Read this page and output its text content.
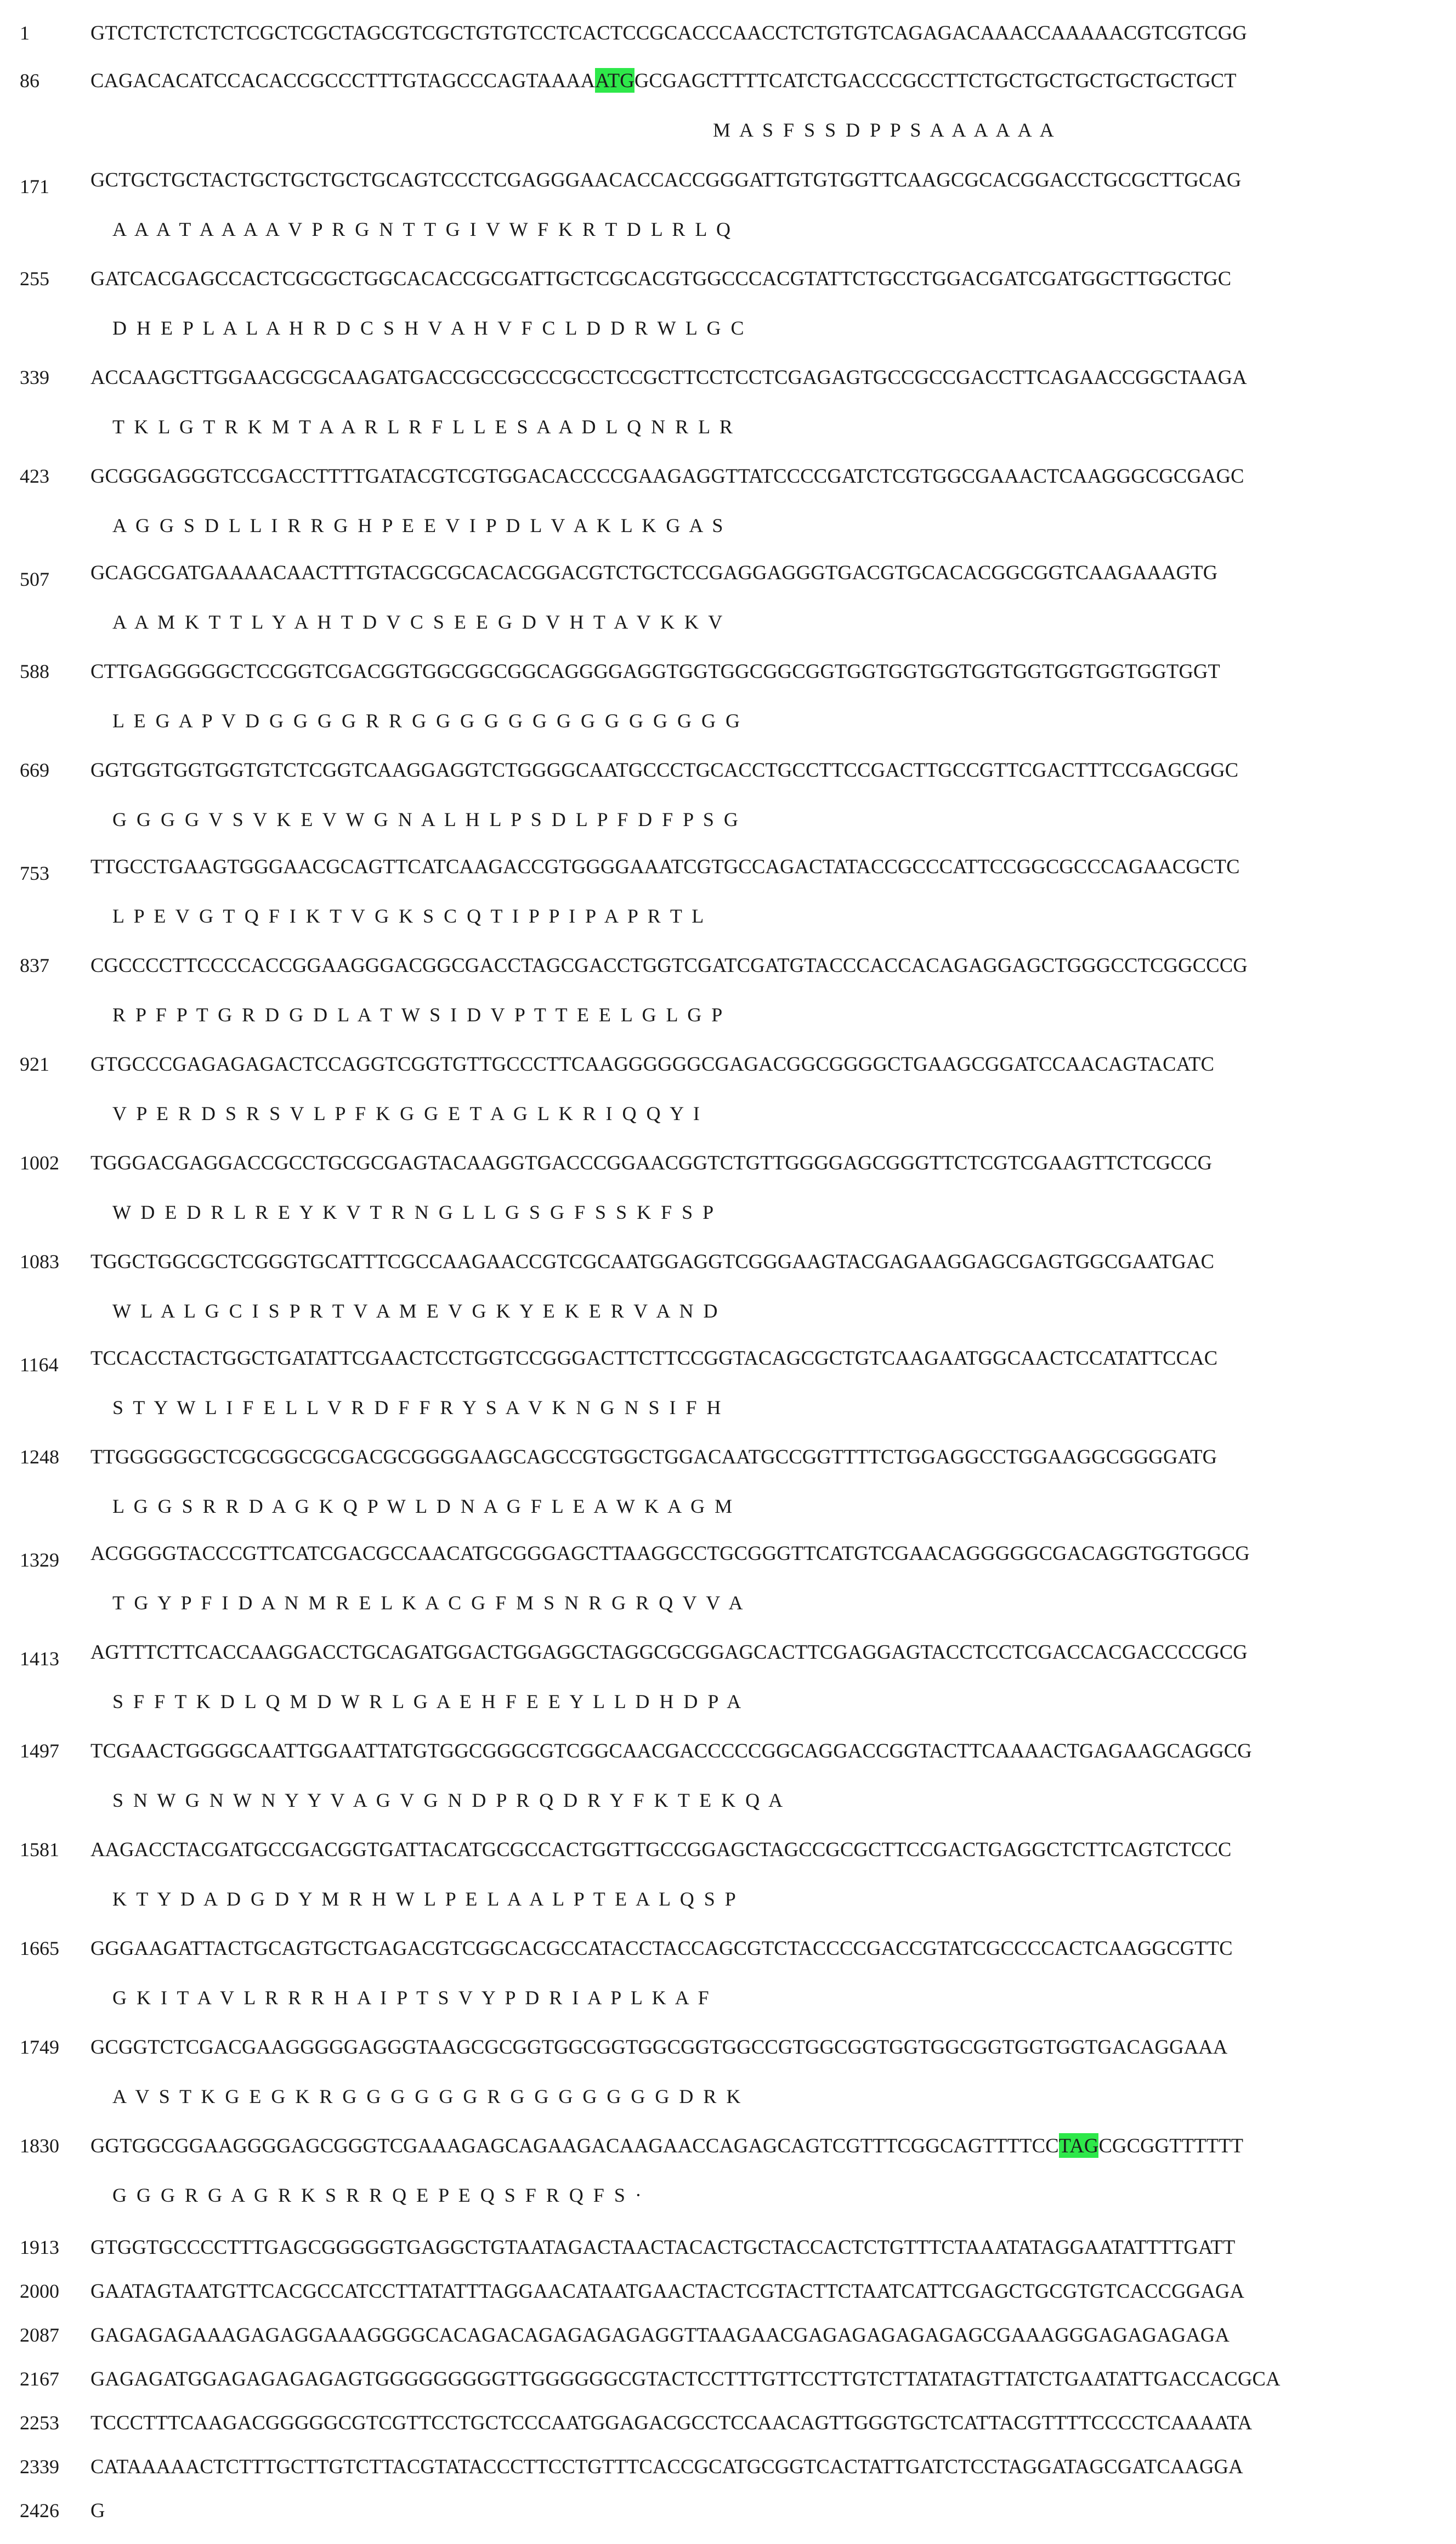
1	GTCTCTCTCTCTCGCTCGCTAGCGTCGCTGTGTCCTCACTCCGCACCCAACCTCTGTGTCAGAGACAAACCAAAAACGTCGTCGG
86	CAGACACATCCACACCGCCCTTTGTAGCCCAGTAAAAATGGCGAGCTTTTCATCTGACCCGCCTTCTGCTGCTGCTGCTGCTGCT
M  A  S  F  S  S  D  P  P  S  A  A  A  A  A  A
171 GCTGCTGCTACTGCTGCTGCTGCAGTCCCTCGAGGGAACACCACCGGGATTGTGTGGTTCAAGCGCACGGACCTGCGCTTGCAG
A  A  A  T  A  A  A  A  V  P  R  G  N  T  T  G  I  V  W  F  K  R  T  D  L  R  L  Q
255 GATCACGAGCCACTCGCGCTGGCACACCGCGATTGCTCGCACGTGGCCCACGTATTCTGCCTGGACGATCGATGGCTTGGCTGC
D  H  E  P  L  A  L  A  H  R  D  C  S  H  V  A  H  V  F  C  L  D  D  R  W  L  G  C
339 ACCAAGCTTGGAACGCGCAAGATGACCGCCGCCCGCCTCCGCTTCCTCCTCGAGAGTGCCGCCGACCTTCAGAACCGGCTAAGA
T  K  L  G  T  R  K  M  T  A  A  R  L  R  F  L  L  E  S  A  A  D  L  Q  N  R  L  R
423 GCGGGAGGGTCCGACCTTTTGATACGTCGTGGACACCCCGAAGAGGTTATCCCCGATCTCGTGGCGAAACTCAAGGGCGCGAGC
A  G  G  S  D  L  L  I  R  R  G  H  P  E  E  V  I  P  D  L  V  A  K  L  K  G  A  S
507 GCAGCGATGAAAACAACTTTGTACGCGCACACGGACGTCTGCTCCGAGGAGGGTGACGTGCACACGGCGGTCAAGAAAGTG
A  A  M  K  T  T  L  Y  A  H  T  D  V  C  S  E  E  G  D  V  H  T  A  V  K  K  V
588 CTTGAGGGGGCTCCGGTCGACGGTGGCGGCGGCAGGGGAGGTGGTGGCGGCGGTGGTGGTGGTGGTGGTGGTGGTGGTGGT
L  E  G  A  P  V  D  G  G  G  G  R  R  G  G  G  G  G  G  G  G  G  G  G  G  G  G
669 GGTGGTGGTGGTGTCTCGGTCAAGGAGGTCTGGGGCAATGCCCTGCACCTGCCTTCCGACTTGCCGTTCGACTTTCCGAGCGGC
G  G  G  G  V  S  V  K  E  V  W  G  N  A  L  H  L  P  S  D  L  P  F  D  F  P  S  G
753 TTGCCTGAAGTGGGAACGCAGTTCATCAAGACCGTGGGGAAATCGTGCCAGACTATACCGCCCATTCCGGCGCCCAGAACGCTC
L  P  E  V  G  T  Q  F  I  K  T  V  G  K  S  C  Q  T  I  P  P  I  P  A  P  R  T  L
837 CGCCCCTTCCCCACCGGAAGGGACGGCGACCTAGCGACCTGGTCGATCGATGTACCCACCACAGAGGAGCTGGGCCTCGGCCCG
R  P  F  P  T  G  R  D  G  D  L  A  T  W  S  I  D  V  P  T  T  E  E  L  G  L  G  P
921 GTGCCCGAGAGAGACTCCAGGTCGGTGTTGCCCTTCAAGGGGGGCGAGACGGCGGGGCTGAAGCGGATCCAACAGTACATC
V  P  E  R  D  S  R  S  V  L  P  F  K  G  G  E  T  A  G  L  K  R  I  Q  Q  Y  I
1002 TGGGACGAGGACCGCCTGCGCGAGTACAAGGTGACCCGGAACGGTCTGTTGGGGAGCGGGTTCTCGTCGAAGTTCTCGCCG
W  D  E  D  R  L  R  E  Y  K  V  T  R  N  G  L  L  G  S  G  F  S  S  K  F  S  P
1083 TGGCTGGCGCTCGGGTGCATTTCGCCAAGAACCGTCGCAATGGAGGTCGGGAAGTACGAGAAGGAGCGAGTGGCGAATGAC
W  L  A  L  G  C  I  S  P  R  T  V  A  M  E  V  G  K  Y  E  K  E  R  V  A  N  D
1164 TCCACCTACTGGCTGATATTCGAACTCCTGGTCCGGGACTTCTTCCGGTACAGCGCTGTCAAGAATGGCAACTCCATATTCCAC
S  T  Y  W  L  I  F  E  L  L  V  R  D  F  F  R  Y  S  A  V  K  N  G  N  S  I  F  H
1248 TTGGGGGGCTCGCGGCGCGACGCGGGGAAGCAGCCGTGGCTGGACAATGCCGGTTTTCTGGAGGCCTGGAAGGCGGGGATG
L  G  G  S  R  R  D  A  G  K  Q  P  W  L  D  N  A  G  F  L  E  A  W  K  A  G  M
1329 ACGGGGTACCCGTTCATCGACGCCAACATGCGGGAGCTTAAGGCCTGCGGGTTCATGTCGAACAGGGGGCGACAGGTGGTGGCG
T  G  Y  P  F  I  D  A  N  M  R  E  L  K  A  C  G  F  M  S  N  R  G  R  Q  V  V  A
1413 AGTTTCTTCACCAAGGACCTGCAGATGGACTGGAGGCTAGGCGCGGAGCACTTCGAGGAGTACCTCCTCGACCACGACCCCGCG
S  F  F  T  K  D  L  Q  M  D  W  R  L  G  A  E  H  F  E  E  Y  L  L  D  H  D  P  A
1497 TCGAACTGGGGCAATTGGAATTATGTGGCGGGCGTCGGCAACGACCCCCGGCAGGACCGGTACTTCAAAACTGAGAAGCAGGCG
S  N  W  G  N  W  N  Y  Y  V  A  G  V  G  N  D  P  R  Q  D  R  Y  F  K  T  E  K  Q  A
1581 AAGACCTACGATGCCGACGGTGATTACATGCGCCACTGGTTGCCGGAGCTAGCCGCGCTTCCGACTGAGGCTCTTCAGTCTCCC
K  T  Y  D  A  D  G  D  Y  M  R  H  W  L  P  E  L  A  A  L  P  T  E  A  L  Q  S  P
1665 GGGAAGATTACTGCAGTGCTGAGACGTCGGCACGCCATACCTACCAGCGTCTACCCCGACCGTATCGCCCCACTCAAGGCGTTC
G  K  I  T  A  V  L  R  R  R  H  A  I  P  T  S  V  Y  P  D  R  I  A  P  L  K  A  F
1749 GCGGTCTCGACGAAGGGGGAGGGTAAGCGCGGTGGCGGTGGCGGTGGCCGTGGCGGTGGTGGCGGTGGTGGTGACAGGAAA
A  V  S  T  K  G  E  G  K  R  G  G  G  G  G  G  R  G  G  G  G  G  G  G  D  R  K
1830 GGTGGCGGAAGGGGAGCGGGTCGAAAGAGCAGAAGACAAGAACCAGAGCAGTCGTTTCGGCAGTTTTCCTAGCGCGGTTTTTT
G  G  G  R  G  A  G  R  K  S  R  R  Q  E  P  E  Q  S  F  R  Q  F  S  ·
1913 GTGGTGCCCCTTTGAGCGGGGGTGAGGCTGTAATAGACTAACTACACTGCTACCACTCTGTTTCTAAATATAGGAATATTTTGATT
2000 GAATAGTAATGTTCACGCCATCCTTATATTTAGGAACATAATGAACTACTCGTACTTCTAATCATTCGAGCTGCGTGTCACCGGAGA
2087 GAGAGAGAAAGAGAGGAAAGGGGCACAGACAGAGAGAGAGGTTAAGAACGAGAGAGAGAGAGCGAAAGGGAGAGAGAGA
2167 GAGAGATGGAGAGAGAGAGTGGGGGGGGGTTGGGGGGCGTACTCCTTTGTTCCTTGTCTTATATAGTTATCTGAATATTGACCACGCA
2253 TCCCTTTCAAGACGGGGGCGTCGTTCCTGCTCCCAATGGAGACGCCTCCAACAGTTGGGTGCTCATTACGTTTTCCCCTCAAAATA
2339 CATAAAAACTCTTTGCTTGTCTTACGTATACCCTTCCTGTTTCACCGCATGCGGTCACTATTGATCTCCTAGGATAGCGATCAAGGA
2426 G
